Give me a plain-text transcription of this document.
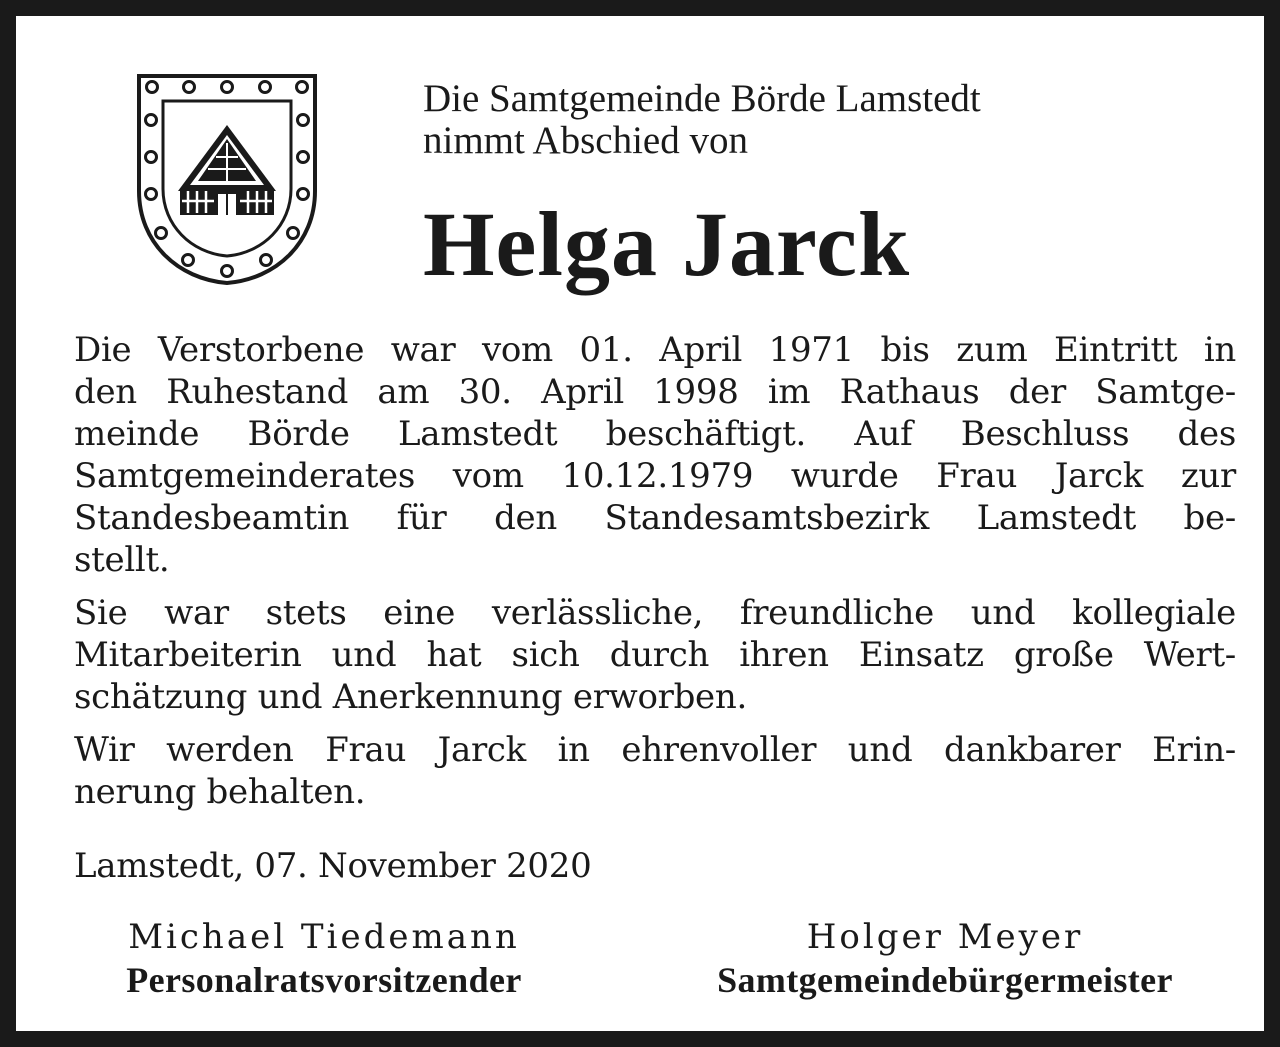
Die Samtgemeinde Börde Lamstedt
nimmt Abschied von
Helga Jarck
Die Verstorbene war vom 01. April 1971 bis zum Eintritt in
den Ruhestand am 30. April 1998 im Rathaus der Samtge-
meinde Börde Lamstedt beschäftigt. Auf Beschluss des
Samtgemeinderates vom 10.12.1979 wurde Frau Jarck zur
Standesbeamtin für den Standesamtsbezirk Lamstedt be-
stellt.
Sie war stets eine verlässliche, freundliche und kollegiale
Mitarbeiterin und hat sich durch ihren Einsatz große Wert-
schätzung und Anerkennung erworben.
Wir werden Frau Jarck in ehrenvoller und dankbarer Erin-
nerung behalten.
Lamstedt, 07. November 2020
Michael Tiedemann
Personalratsvorsitzender
Holger Meyer
Samtgemeindebürgermeister
